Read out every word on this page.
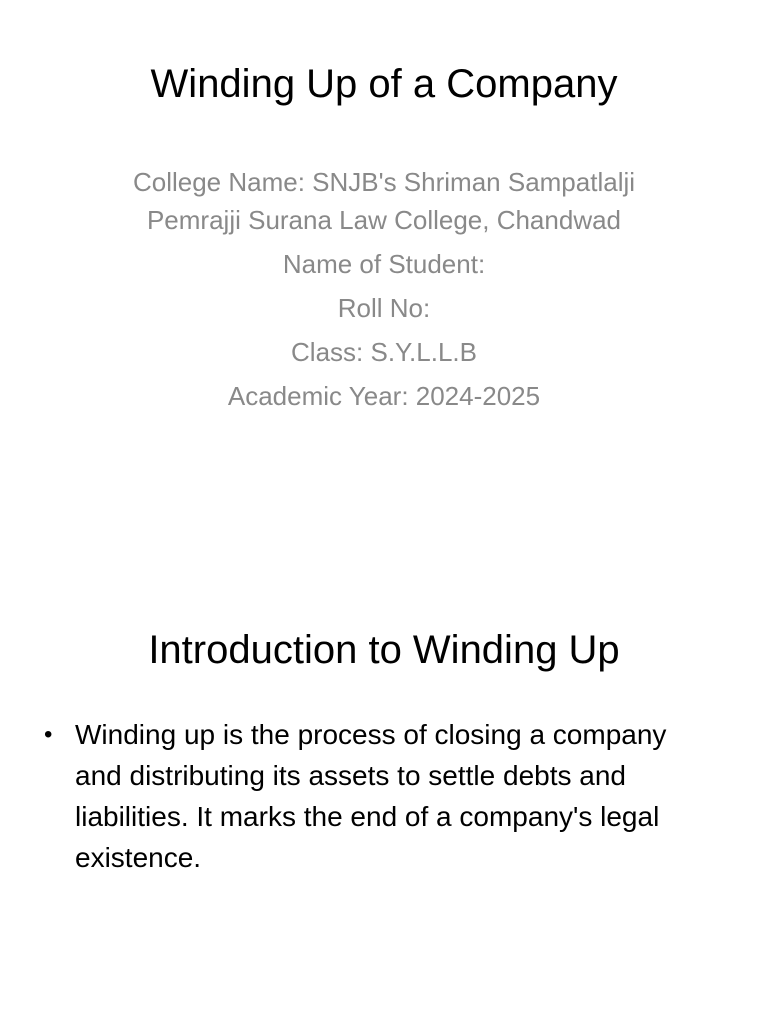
Winding Up of a Company
College Name: SNJB's Shriman Sampatlalji Pemrajji Surana Law College, Chandwad
Name of Student:
Roll No:
Class: S.Y.L.L.B
Academic Year: 2024-2025
Introduction to Winding Up
• Winding up is the process of closing a company and distributing its assets to settle debts and liabilities. It marks the end of a company's legal existence.
